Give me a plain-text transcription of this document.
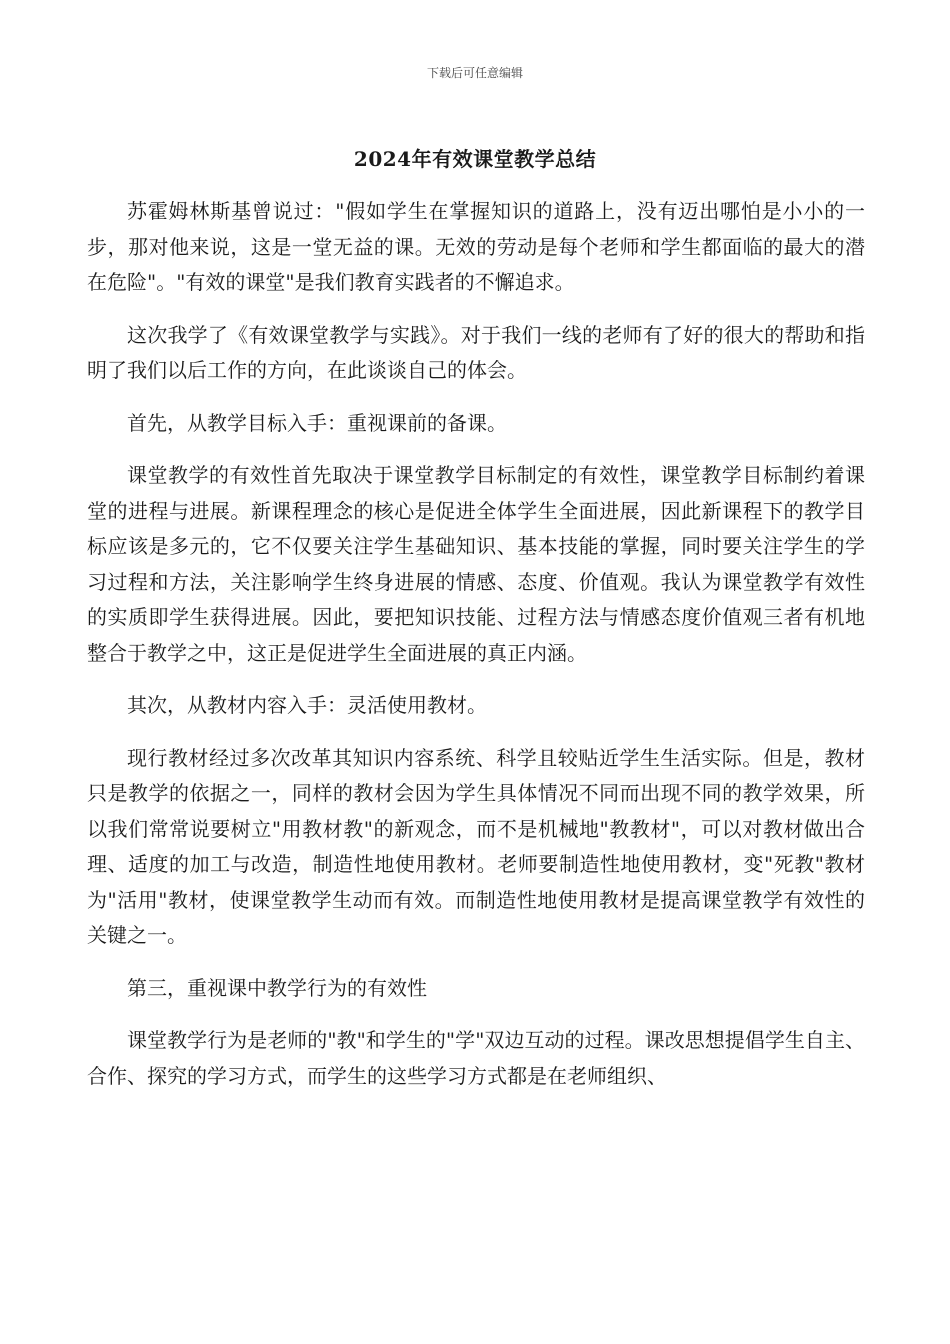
下载后可任意编辑
2024年有效课堂教学总结

苏霍姆林斯基曾说过："假如学生在掌握知识的道路上，没有迈出哪怕是小小的一步，那对他来说，这是一堂无益的课。无效的劳动是每个老师和学生都面临的最大的潜在危险"。"有效的课堂"是我们教育实践者的不懈追求。

这次我学了《有效课堂教学与实践》。对于我们一线的老师有了好的很大的帮助和指明了我们以后工作的方向，在此谈谈自己的体会。

首先，从教学目标入手：重视课前的备课。

课堂教学的有效性首先取决于课堂教学目标制定的有效性，课堂教学目标制约着课堂的进程与进展。新课程理念的核心是促进全体学生全面进展，因此新课程下的教学目标应该是多元的，它不仅要关注学生基础知识、基本技能的掌握，同时要关注学生的学习过程和方法，关注影响学生终身进展的情感、态度、价值观。我认为课堂教学有效性的实质即学生获得进展。因此，要把知识技能、过程方法与情感态度价值观三者有机地整合于教学之中，这正是促进学生全面进展的真正内涵。

其次，从教材内容入手：灵活使用教材。

现行教材经过多次改革其知识内容系统、科学且较贴近学生生活实际。但是，教材只是教学的依据之一，同样的教材会因为学生具体情况不同而出现不同的教学效果，所以我们常常说要树立"用教材教"的新观念，而不是机械地"教教材"，可以对教材做出合理、适度的加工与改造，制造性地使用教材。老师要制造性地使用教材，变"死教"教材为"活用"教材，使课堂教学生动而有效。而制造性地使用教材是提高课堂教学有效性的关键之一。

第三，重视课中教学行为的有效性

课堂教学行为是老师的"教"和学生的"学"双边互动的过程。课改思想提倡学生自主、合作、探究的学习方式，而学生的这些学习方式都是在老师组织、
